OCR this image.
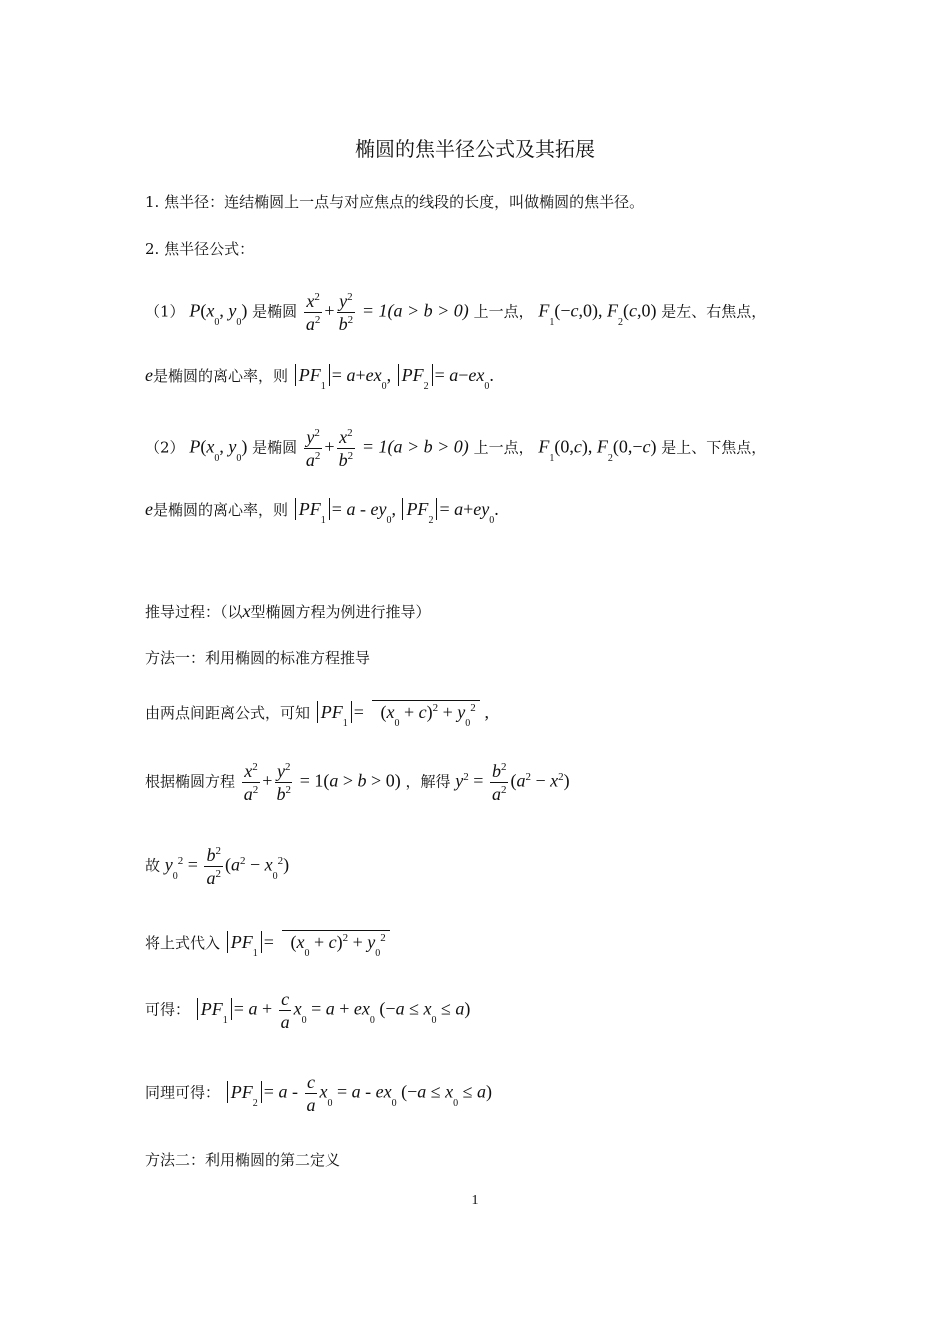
椭圆的焦半径公式及其拓展
1. 焦半径：连结椭圆上一点与对应焦点的线段的长度，叫做椭圆的焦半径。
2. 焦半径公式：
（1） $P(x_0$, $y_0$) 是椭圆 $\frac{x^2}{a^2} + \frac{y^2}{b^2} = 1(a > b > 0)$ 上一点， $F_1(-c,0)$, $F_2(c,0)$ 是左、右焦点，
e是椭圆的离心率，则 $PF_1= a+ex_0$, $PF_2= a-ex_0$.
（2） $P(x_0$, $y_0$) 是椭圆 $\frac{y^2}{a^2} + \frac{x^2}{b^2} = 1(a > b > 0)$ 上一点， $F_1(0,c)$, $F_2(0,-c)$ 是上、下焦点，
e是椭圆的离心率，则 $PF_1= a - ey_0$, $PF_2= a+ey_0$.
推导过程：（以x型椭圆方程为例进行推导）
方法一：利用椭圆的标准方程推导
由两点间距离公式，可知 $PF_1= (x_0 + c)^2 + y_0^2$ ,
根据椭圆方程 $\frac{x^2}{a^2} + \frac{y^2}{b^2} = 1(a > b > 0)$ ，解得 $y^2 = \frac{b^2}{a^2} (a^2 - x^2)$
故 $y_0^2 = \frac{b^2}{a^2} (a^2 - x_0^2)$
将上式代入 $PF_1= (x_0 + c)^2 + y_0^2$
可得： $PF_1= a + \frac{c}{a} x_0 = a + ex_0$ $(-a \le x_0 \le a)$
同理可得： $PF_2= a - \frac{c}{a} x_0 = a - ex_0$ $(-a \le x_0 \le a)$
方法二：利用椭圆的第二定义
1
